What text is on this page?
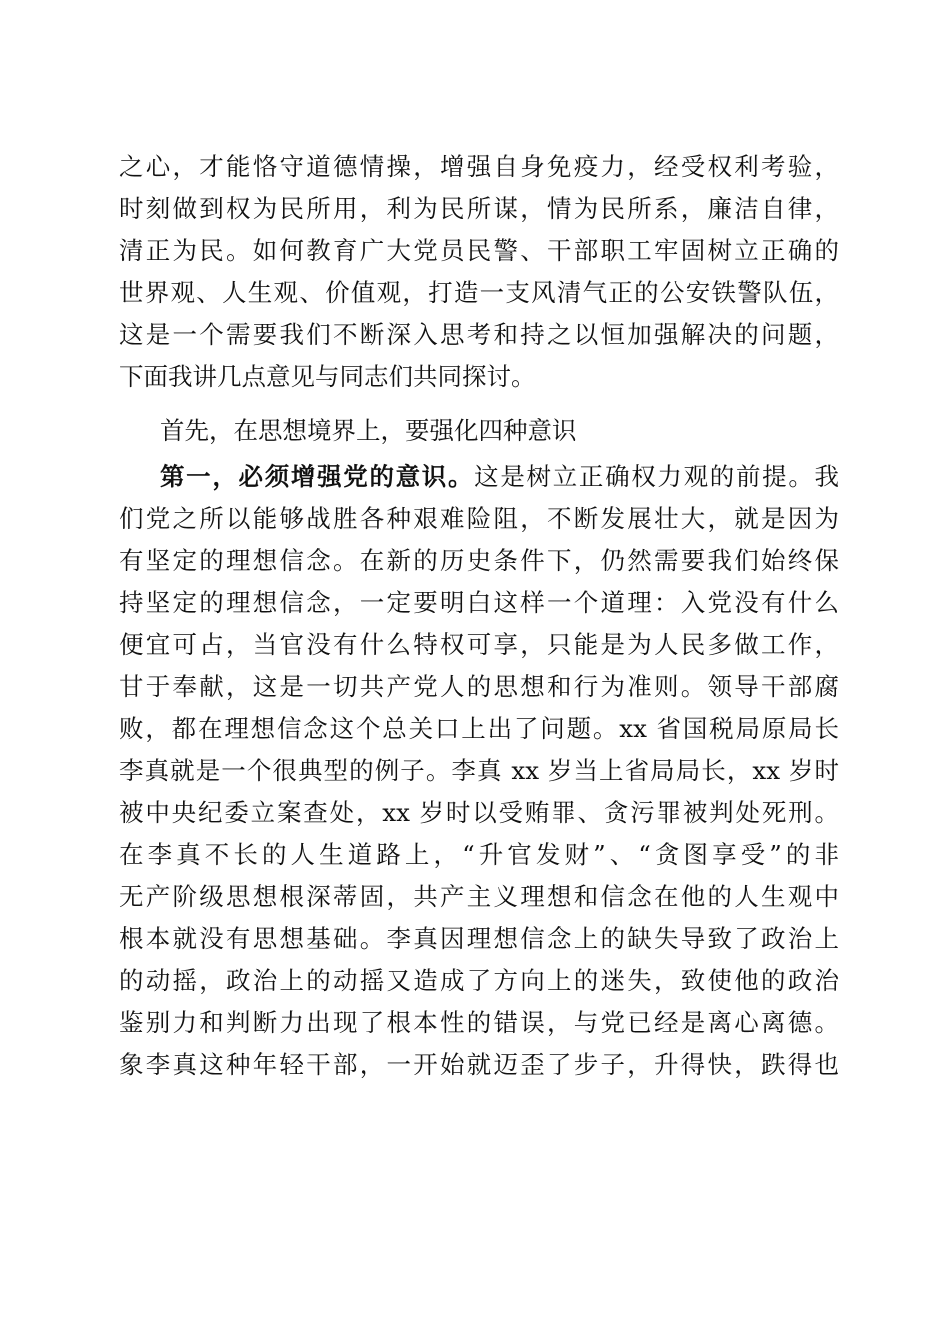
之心，才能恪守道德情操，增强自身免疫力，经受权利考验，
时刻做到权为民所用，利为民所谋，情为民所系，廉洁自律，
清正为民。如何教育广大党员民警、干部职工牢固树立正确的
世界观、人生观、价值观，打造一支风清气正的公安铁警队伍，
这是一个需要我们不断深入思考和持之以恒加强解决的问题，
下面我讲几点意见与同志们共同探讨。
首先，在思想境界上，要强化四种意识
第一，必须增强党的意识。这是树立正确权力观的前提。我
们党之所以能够战胜各种艰难险阻，不断发展壮大，就是因为
有坚定的理想信念。在新的历史条件下，仍然需要我们始终保
持坚定的理想信念，一定要明白这样一个道理：入党没有什么
便宜可占，当官没有什么特权可享，只能是为人民多做工作，
甘于奉献，这是一切共产党人的思想和行为准则。领导干部腐
败，都在理想信念这个总关口上出了问题。xx 省国税局原局长
李真就是一个很典型的例子。李真 xx 岁当上省局局长，xx 岁时
被中央纪委立案查处，xx 岁时以受贿罪、贪污罪被判处死刑。
在李真不长的人生道路上，“升官发财”、“贪图享受”的非
无产阶级思想根深蒂固，共产主义理想和信念在他的人生观中
根本就没有思想基础。李真因理想信念上的缺失导致了政治上
的动摇，政治上的动摇又造成了方向上的迷失，致使他的政治
鉴别力和判断力出现了根本性的错误，与党已经是离心离德。
象李真这种年轻干部，一开始就迈歪了步子，升得快，跌得也
